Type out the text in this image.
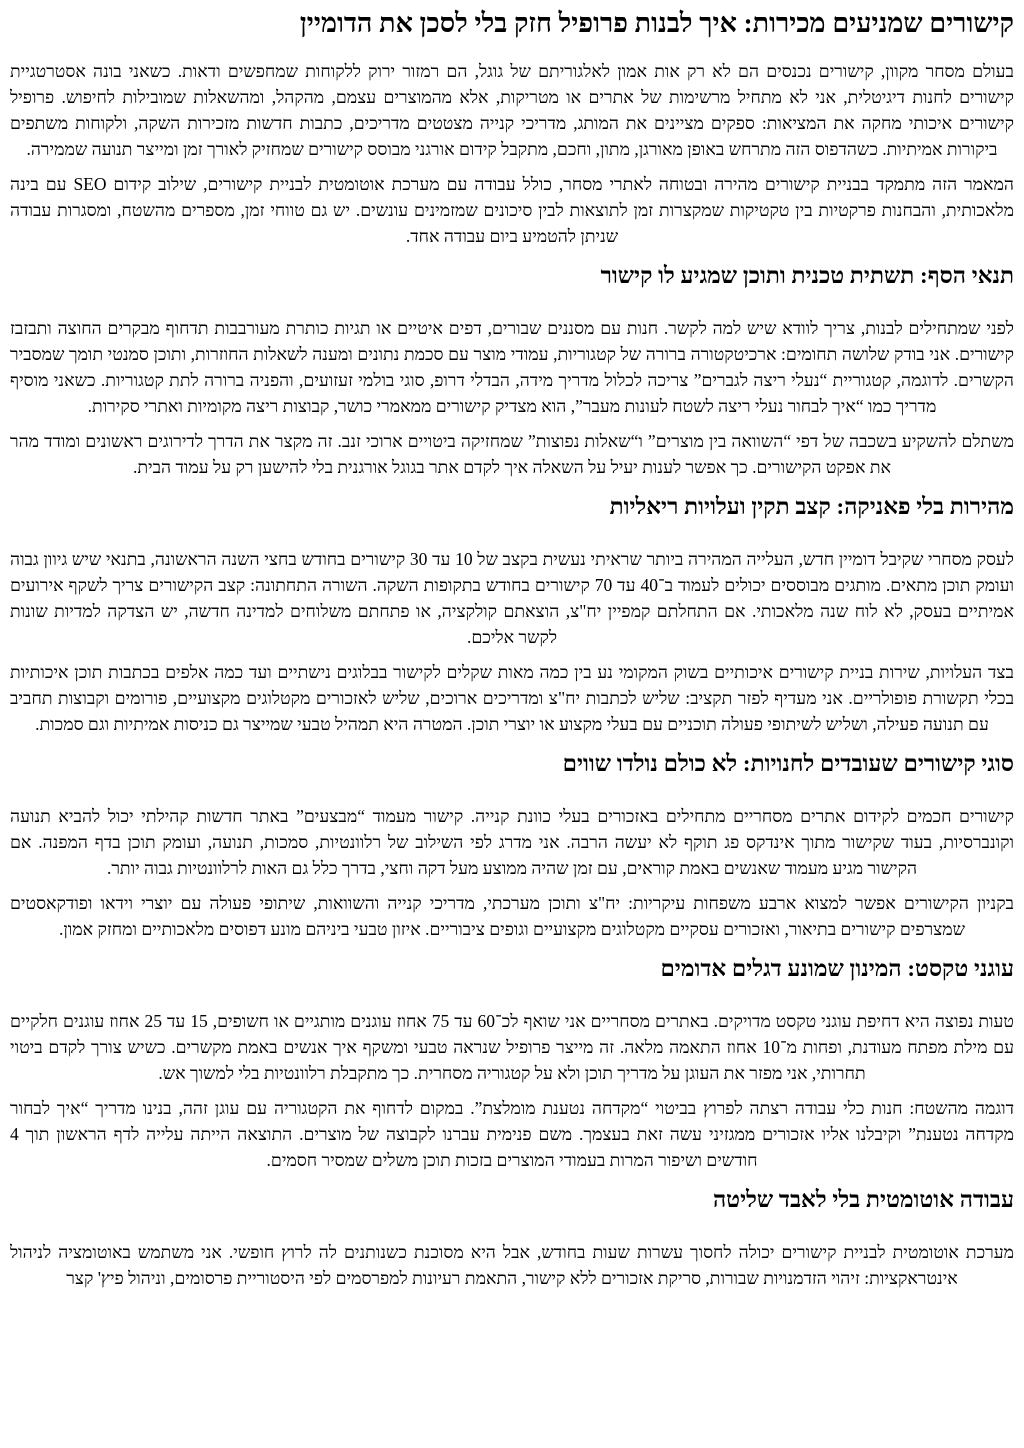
קישורים שמניעים מכירות: איך לבנות פרופיל חזק בלי לסכן את הדומיין

בעולם מסחר מקוון, קישורים נכנסים הם לא רק אות אמון לאלגוריתם של גוגל, הם רמזור ירוק ללקוחות שמחפשים ודאות. כשאני בונה אסטרטגיית קישורים לחנות דיגיטלית, אני לא מתחיל מרשימות של אתרים או מטריקות, אלא מהמוצרים עצמם, מהקהל, ומהשאלות שמובילות לחיפוש. פרופיל קישורים איכותי מחקה את המציאות: ספקים מציינים את המותג, מדריכי קנייה מצטטים מדריכים, כתבות חדשות מזכירות השקה, ולקוחות משתפים ביקורות אמיתיות. כשהדפוס הזה מתרחש באופן מאורגן, מתון, וחכם, מתקבל קידום אורגני מבוסס קישורים שמחזיק לאורך זמן ומייצר תנועה שממירה.

המאמר הזה מתמקד בבניית קישורים מהירה ובטוחה לאתרי מסחר, כולל עבודה עם מערכת אוטומטית לבניית קישורים, שילוב קידום SEO עם בינה מלאכותית, והבחנות פרקטיות בין טקטיקות שמקצרות זמן לתוצאות לבין סיכונים שמזמינים עונשים. יש גם טווחי זמן, מספרים מהשטח, ומסגרות עבודה שניתן להטמיע ביום עבודה אחד.

תנאי הסף: תשתית טכנית ותוכן שמגיע לו קישור

לפני שמתחילים לבנות, צריך לוודא שיש למה לקשר. חנות עם מסננים שבורים, דפים איטיים או תגיות כותרת מעורבבות תדחוף מבקרים החוצה ותבזבז קישורים. אני בודק שלושה תחומים: ארכיטקטורה ברורה של קטגוריות, עמודי מוצר עם סכמת נתונים ומענה לשאלות החוזרות, ותוכן סמנטי תומך שמסביר הקשרים. לדוגמה, קטגוריית “נעלי ריצה לגברים” צריכה לכלול מדריך מידה, הבדלי דרופ, סוגי בולמי זעזועים, והפניה ברורה לתת קטגוריות. כשאני מוסיף מדריך כמו “איך לבחור נעלי ריצה לשטח לעונות מעבר”, הוא מצדיק קישורים ממאמרי כושר, קבוצות ריצה מקומיות ואתרי סקירות.

משתלם להשקיע בשכבה של דפי “השוואה בין מוצרים” ו“שאלות נפוצות” שמחזיקה ביטויים ארוכי זנב. זה מקצר את הדרך לדירוגים ראשונים ומודד מהר את אפקט הקישורים. כך אפשר לענות יעיל על השאלה איך לקדם אתר בגוגל אורגנית בלי להישען רק על עמוד הבית.

מהירות בלי פאניקה: קצב תקין ועלויות ריאליות

לעסק מסחרי שקיבל דומיין חדש, העלייה המהירה ביותר שראיתי נעשית בקצב של 10 עד 30 קישורים בחודש בחצי השנה הראשונה, בתנאי שיש גיוון גבוה ועומק תוכן מתאים. מותגים מבוססים יכולים לעמוד ב־40 עד 70 קישורים בחודש בתקופות השקה. השורה התחתונה: קצב הקישורים צריך לשקף אירועים אמיתיים בעסק, לא לוח שנה מלאכותי. אם התחלתם קמפיין יח"צ, הוצאתם קולקציה, או פתחתם משלוחים למדינה חדשה, יש הצדקה למדיות שונות לקשר אליכם.

בצד העלויות, שירות בניית קישורים איכותיים בשוק המקומי נע בין כמה מאות שקלים לקישור בבלוגים נישתיים ועד כמה אלפים בכתבות תוכן איכותיות בכלי תקשורת פופולריים. אני מעדיף לפזר תקציב: שליש לכתבות יח"צ ומדריכים ארוכים, שליש לאזכורים מקטלוגים מקצועיים, פורומים וקבוצות תחביב עם תנועה פעילה, ושליש לשיתופי פעולה תוכניים עם בעלי מקצוע או יוצרי תוכן. המטרה היא תמהיל טבעי שמייצר גם כניסות אמיתיות וגם סמכות.

סוגי קישורים שעובדים לחנויות: לא כולם נולדו שווים

קישורים חכמים לקידום אתרים מסחריים מתחילים באזכורים בעלי כוונת קנייה. קישור מעמוד “מבצעים” באתר חדשות קהילתי יכול להביא תנועה וקונברסיות, בעוד שקישור מתוך אינדקס פג תוקף לא יעשה הרבה. אני מדרג לפי השילוב של רלוונטיות, סמכות, תנועה, ועומק תוכן בדף המפנה. אם הקישור מגיע מעמוד שאנשים באמת קוראים, עם זמן שהיה ממוצע מעל דקה וחצי, בדרך כלל גם האות לרלוונטיות גבוה יותר.

בקניון הקישורים אפשר למצוא ארבע משפחות עיקריות: יח"צ ותוכן מערכתי, מדריכי קנייה והשוואות, שיתופי פעולה עם יוצרי וידאו ופודקאסטים שמצרפים קישורים בתיאור, ואזכורים עסקיים מקטלוגים מקצועיים וגופים ציבוריים. איזון טבעי ביניהם מונע דפוסים מלאכותיים ומחזק אמון.

עוגני טקסט: המינון שמונע דגלים אדומים

טעות נפוצה היא דחיפת עוגני טקסט מדויקים. באתרים מסחריים אני שואף לכ־60 עד 75 אחוז עוגנים מותגיים או חשופים, 15 עד 25 אחוז עוגנים חלקיים עם מילת מפתח מעודנת, ופחות מ־10 אחוז התאמה מלאה. זה מייצר פרופיל שנראה טבעי ומשקף איך אנשים באמת מקשרים. כשיש צורך לקדם ביטוי תחרותי, אני מפזר את העוגן על מדריך תוכן ולא על קטגוריה מסחרית. כך מתקבלת רלוונטיות בלי למשוך אש.

דוגמה מהשטח: חנות כלי עבודה רצתה לפרוץ בביטוי “מקדחה נטענת מומלצת”. במקום לדחוף את הקטגוריה עם עוגן זהה, בנינו מדריך “איך לבחור מקדחה נטענת” וקיבלנו אליו אזכורים ממגזיני עשה זאת בעצמך. משם פנימית עברנו לקבוצה של מוצרים. התוצאה הייתה עלייה לדף הראשון תוך 4 חודשים ושיפור המרות בעמודי המוצרים בזכות תוכן משלים שמסיר חסמים.

עבודה אוטומטית בלי לאבד שליטה

מערכת אוטומטית לבניית קישורים יכולה לחסוך עשרות שעות בחודש, אבל היא מסוכנת כשנותנים לה לרוץ חופשי. אני משתמש באוטומציה לניהול אינטראקציות: זיהוי הזדמנויות שבורות, סריקת אזכורים ללא קישור, התאמת רעיונות למפרסמים לפי היסטוריית פרסומים, וניהול פיץ' קצר
